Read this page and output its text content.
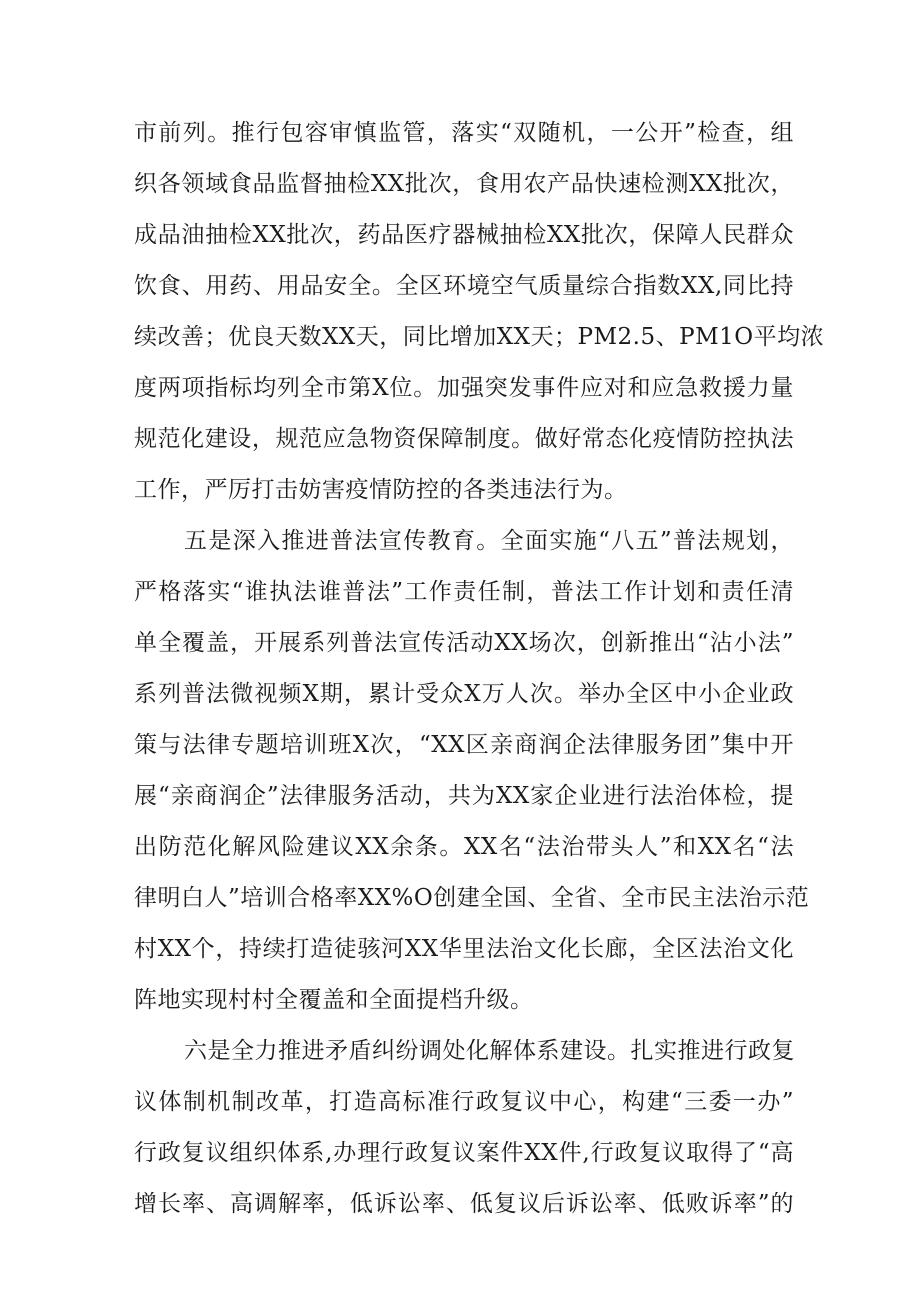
市前列。推行包容审慎监管，落实“双随机，一公开”检查，组
织各领域食品监督抽检XX批次，食用农产品快速检测XX批次，
成品油抽检XX批次，药品医疗器械抽检XX批次，保障人民群众
饮食、用药、用品安全。全区环境空气质量综合指数XX,同比持
续改善；优良天数XX天，同比增加XX天；PM2.5、PM1O平均浓
度两项指标均列全市第X位。加强突发事件应对和应急救援力量
规范化建设，规范应急物资保障制度。做好常态化疫情防控执法
工作，严厉打击妨害疫情防控的各类违法行为。
五是深入推进普法宣传教育。全面实施“八五”普法规划，
严格落实“谁执法谁普法”工作责任制，普法工作计划和责任清
单全覆盖，开展系列普法宣传活动XX场次，创新推出“沾小法”
系列普法微视频X期，累计受众X万人次。举办全区中小企业政
策与法律专题培训班X次，“XX区亲商润企法律服务团”集中开
展“亲商润企”法律服务活动，共为XX家企业进行法治体检，提
出防范化解风险建议XX余条。XX名“法治带头人”和XX名“法
律明白人”培训合格率XX%O创建全国、全省、全市民主法治示范
村XX个，持续打造徒骇河XX华里法治文化长廊，全区法治文化
阵地实现村村全覆盖和全面提档升级。
六是全力推进矛盾纠纷调处化解体系建设。扎实推进行政复
议体制机制改革，打造高标准行政复议中心，构建“三委一办”
行政复议组织体系,办理行政复议案件XX件,行政复议取得了“高
增长率、高调解率，低诉讼率、低复议后诉讼率、低败诉率”的
